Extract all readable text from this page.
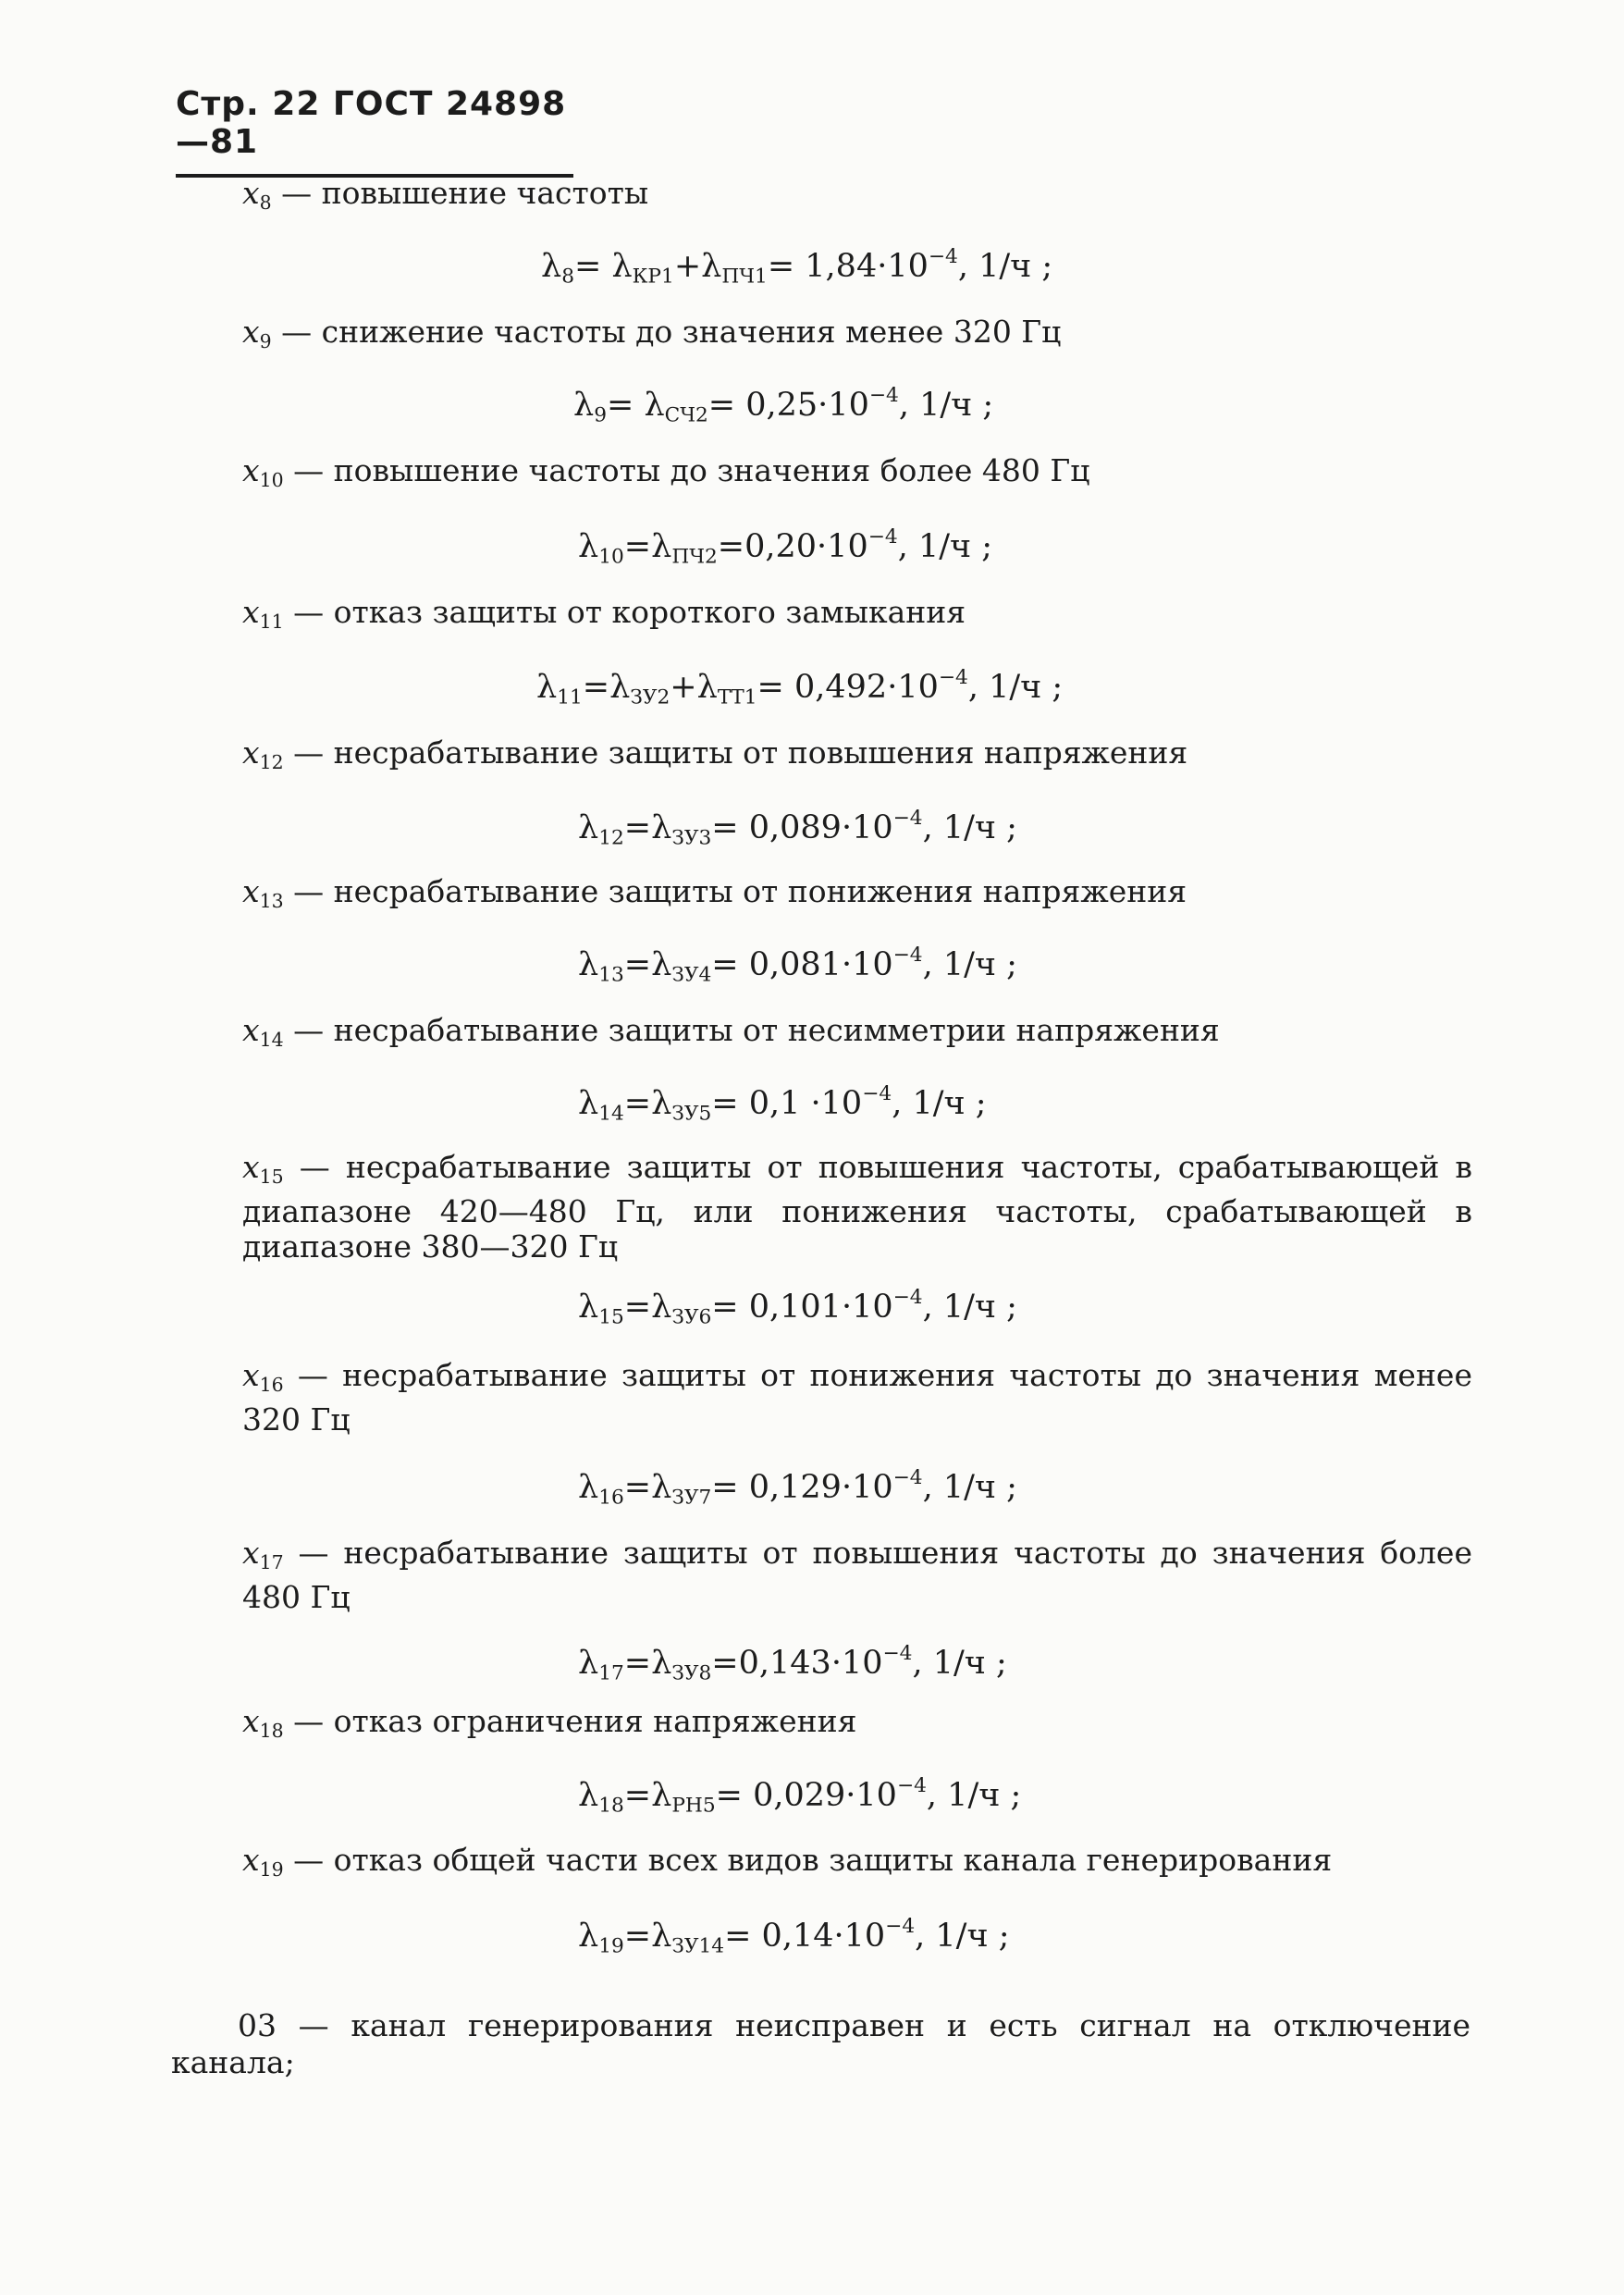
Стр. 22 ГОСТ 24898—81
$x_8$ — повышение частоты
$\lambda_8= \lambda_{КР1}+\lambda_{ПЧ1}= 1,84\cdot 10^{-4}$, 1/ч ;
$x_9$ — снижение частоты до значения менее 320 Гц
$\lambda_9= \lambda_{СЧ2}= 0,25\cdot 10^{-4}$, 1/ч ;
$x_{10}$ — повышение частоты до значения более 480 Гц
$\lambda_{10}=\lambda_{ПЧ2}=0,20\cdot 10^{-4}$, 1/ч ;
$x_{11}$ — отказ защиты от короткого замыкания
$\lambda_{11}=\lambda_{ЗУ2}+\lambda_{ТТ1}= 0,492\cdot 10^{-4}$, 1/ч ;
$x_{12}$ — несрабатывание защиты от повышения напряжения
$\lambda_{12}=\lambda_{ЗУ3}= 0,089\cdot 10^{-4}$, 1/ч ;
$x_{13}$ — несрабатывание защиты от понижения напряжения
$\lambda_{13}=\lambda_{ЗУ4}= 0,081\cdot 10^{-4}$, 1/ч ;
$x_{14}$ — несрабатывание защиты от несимметрии напряжения
$\lambda_{14}=\lambda_{ЗУ5}= 0,1 \cdot 10^{-4}$, 1/ч ;
$x_{15}$ — несрабатывание защиты от повышения частоты, срабатывающей в диапазоне 420—480 Гц, или понижения частоты, срабатывающей в диапазоне 380—320 Гц
$\lambda_{15}=\lambda_{ЗУ6}= 0,101\cdot 10^{-4}$, 1/ч ;
$x_{16}$ — несрабатывание защиты от понижения частоты до значения менее 320 Гц
$\lambda_{16}=\lambda_{ЗУ7}= 0,129\cdot 10^{-4}$, 1/ч ;
$x_{17}$ — несрабатывание защиты от повышения частоты до значения более 480 Гц
$\lambda_{17}=\lambda_{ЗУ8}=0,143\cdot 10^{-4}$, 1/ч ;
$x_{18}$ — отказ ограничения напряжения
$\lambda_{18}=\lambda_{РН5}= 0,029\cdot 10^{-4}$, 1/ч ;
$x_{19}$ — отказ общей части всех видов защиты канала генерирования
$\lambda_{19}=\lambda_{ЗУ14}= 0,14\cdot 10^{-4}$, 1/ч ;
03 — канал генерирования неисправен и есть сигнал на отключение канала;
